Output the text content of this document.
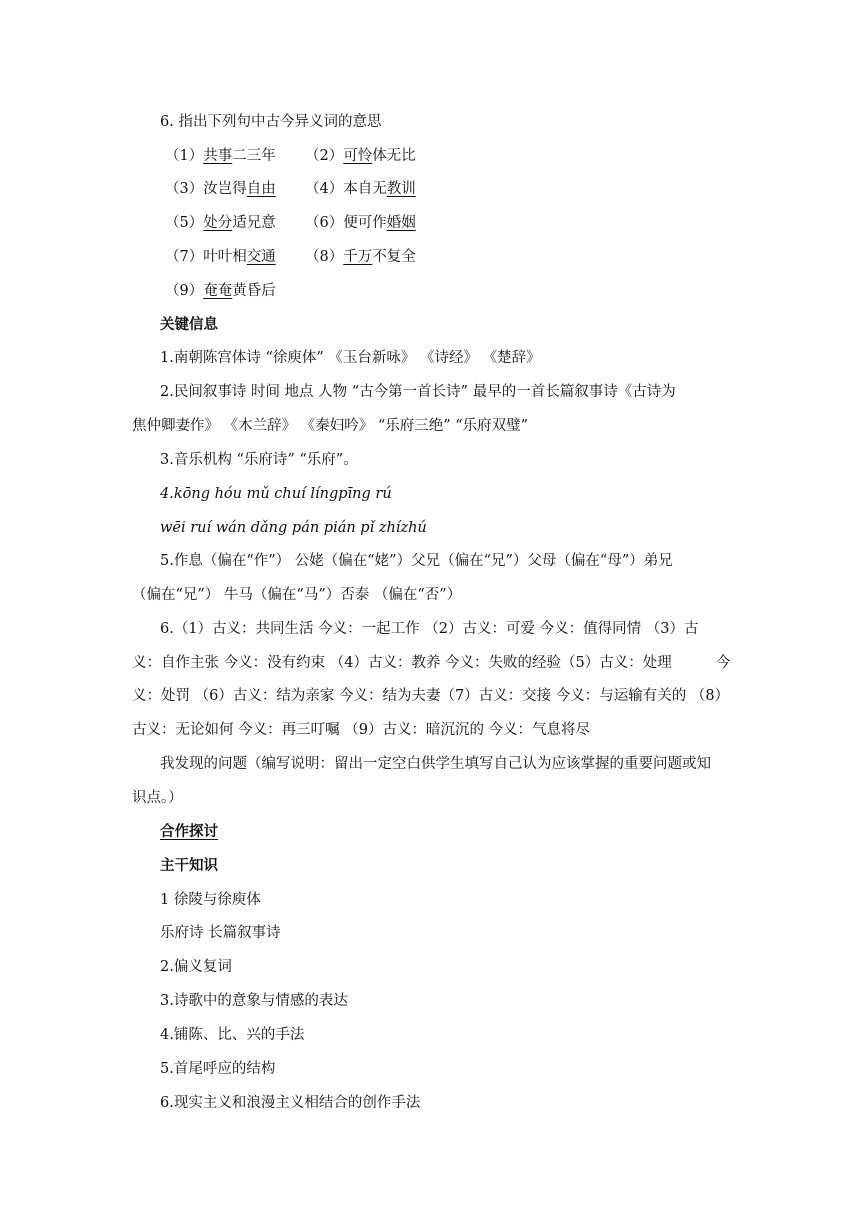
6. 指出下列句中古今异义词的意思
（1）共事二三年 （2）可怜体无比
（3）汝岂得自由 （4）本自无教训
（5）处分适兄意 （6）便可作婚姻
（7）叶叶相交通 （8）千万不复全
（9）奄奄黄昏后
关键信息
1.南朝陈宫体诗 “徐庾体” 《玉台新咏》 《诗经》 《楚辞》
2.民间叙事诗 时间 地点 人物 “古今第一首长诗” 最早的一首长篇叙事诗《古诗为
焦仲卿妻作》 《木兰辞》 《秦妇吟》 “乐府三绝” “乐府双璧”
3.音乐机构 “乐府诗” “乐府”。
4.kōng hóu mǔ chuí língpīng rú
wēi ruí wán dǎng pán pián pǐ zhízhú
5.作息（偏在“作”） 公姥（偏在“姥”）父兄（偏在“兄”）父母（偏在“母”）弟兄
（偏在“兄”） 牛马（偏在“马”）否泰 （偏在“否”）
6.（1）古义：共同生活 今义：一起工作 （2）古义：可爱 今义：值得同情 （3）古
义：自作主张 今义：没有约束 （4）古义：教养 今义：失败的经验（5）古义：处理	今
义：处罚 （6）古义：结为亲家 今义：结为夫妻（7）古义：交接 今义：与运输有关的 （8）
古义：无论如何 今义：再三叮嘱 （9）古义：暗沉沉的 今义：气息将尽
我发现的问题（编写说明：留出一定空白供学生填写自己认为应该掌握的重要问题或知
识点。）
合作探讨
主干知识
1 徐陵与徐庾体
乐府诗 长篇叙事诗
2.偏义复词
3.诗歌中的意象与情感的表达
4.铺陈、比、兴的手法
5.首尾呼应的结构
6.现实主义和浪漫主义相结合的创作手法
